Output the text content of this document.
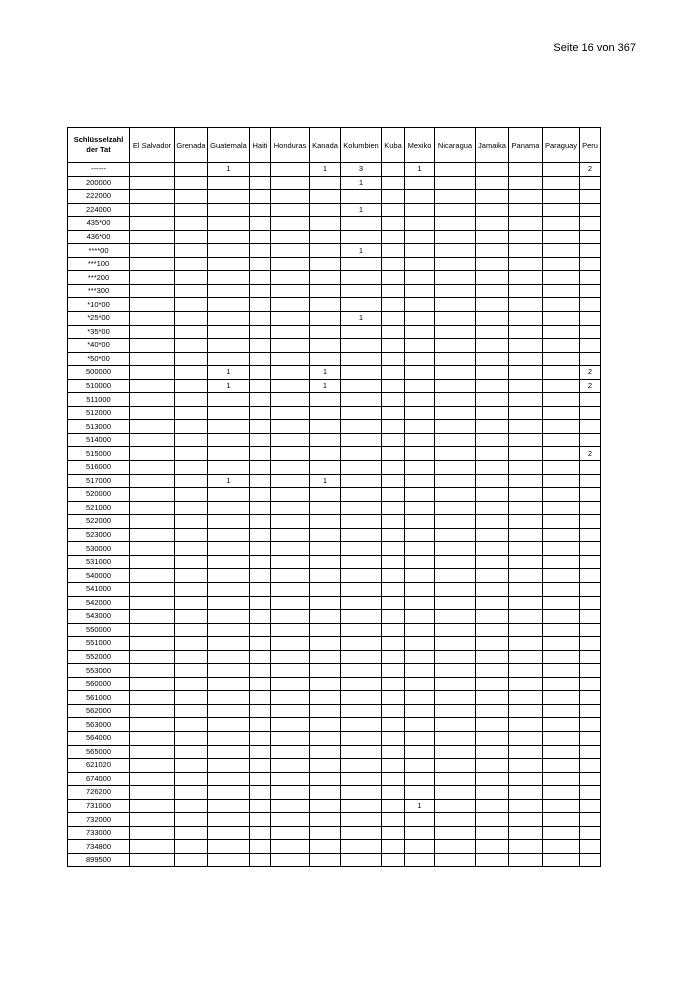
Seite 16 von 367
Schlüsselzahl der Tat	El Salvador	Grenada	Guatemala	Haiti	Honduras	Kanada	Kolumbien	Kuba	Mexiko	Nicaragua	Jamaika	Panama	Paraguay	Peru
------			1			1	3		1					2
200000							1							
222000														
224000							1							
435*00														
436*00														
****00							1							
***100														
***200														
***300														
*10*00														
*25*00							1							
*35*00														
*40*00														
*50*00														
500000			1			1								2
510000			1			1								2
511000														
512000														
513000														
514000														
515000														2
516000														
517000			1			1								
520000														
521000														
522000														
523000														
530000														
531000														
540000														
541000														
542000														
543000														
550000														
551000														
552000														
553000														
560000														
561000														
562000														
563000														
564000														
565000														
621020														
674000														
726200														
731000									1					
732000														
733000														
734800														
899500														
